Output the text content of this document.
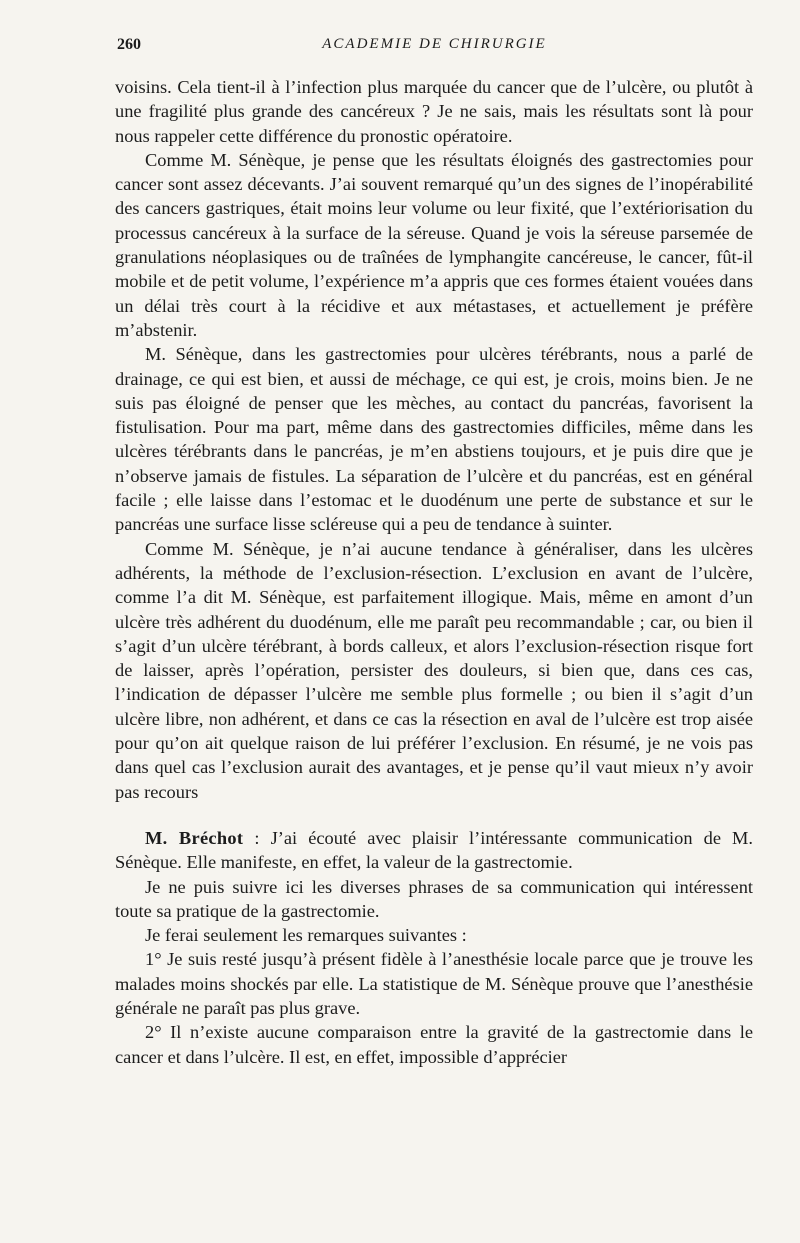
260	ACADEMIE DE CHIRURGIE

voisins. Cela tient-il à l’infection plus marquée du cancer que de l’ulcère, ou plutôt à une fragilité plus grande des cancéreux ? Je ne sais, mais les résultats sont là pour nous rappeler cette différence du pronostic opératoire.

Comme M. Sénèque, je pense que les résultats éloignés des gastrectomies pour cancer sont assez décevants. J’ai souvent remarqué qu’un des signes de l’inopérabilité des cancers gastriques, était moins leur volume ou leur fixité, que l’extériorisation du processus cancéreux à la surface de la séreuse. Quand je vois la séreuse parsemée de granulations néoplasiques ou de traînées de lymphangite cancéreuse, le cancer, fût-il mobile et de petit volume, l’expérience m’a appris que ces formes étaient vouées dans un délai très court à la récidive et aux métastases, et actuellement je préfère m’abstenir.

M. Sénèque, dans les gastrectomies pour ulcères térébrants, nous a parlé de drainage, ce qui est bien, et aussi de méchage, ce qui est, je crois, moins bien. Je ne suis pas éloigné de penser que les mèches, au contact du pancréas, favorisent la fistulisation. Pour ma part, même dans des gastrectomies difficiles, même dans les ulcères térébrants dans le pancréas, je m’en abstiens toujours, et je puis dire que je n’observe jamais de fistules. La séparation de l’ulcère et du pancréas, est en général facile ; elle laisse dans l’estomac et le duodénum une perte de substance et sur le pancréas une surface lisse scléreuse qui a peu de tendance à suinter.

Comme M. Sénèque, je n’ai aucune tendance à généraliser, dans les ulcères adhérents, la méthode de l’exclusion-résection. L’exclusion en avant de l’ulcère, comme l’a dit M. Sénèque, est parfaitement illogique. Mais, même en amont d’un ulcère très adhérent du duodénum, elle me paraît peu recommandable ; car, ou bien il s’agit d’un ulcère térébrant, à bords calleux, et alors l’exclusion-résection risque fort de laisser, après l’opération, persister des douleurs, si bien que, dans ces cas, l’indication de dépasser l’ulcère me semble plus formelle ; ou bien il s’agit d’un ulcère libre, non adhérent, et dans ce cas la résection en aval de l’ulcère est trop aisée pour qu’on ait quelque raison de lui préférer l’exclusion. En résumé, je ne vois pas dans quel cas l’exclusion aurait des avantages, et je pense qu’il vaut mieux n’y avoir pas recours

M. Bréchot : J’ai écouté avec plaisir l’intéressante communication de M. Sénèque. Elle manifeste, en effet, la valeur de la gastrectomie.

Je ne puis suivre ici les diverses phrases de sa communication qui intéressent toute sa pratique de la gastrectomie.

Je ferai seulement les remarques suivantes :

1° Je suis resté jusqu’à présent fidèle à l’anesthésie locale parce que je trouve les malades moins shockés par elle. La statistique de M. Sénèque prouve que l’anesthésie générale ne paraît pas plus grave.

2° Il n’existe aucune comparaison entre la gravité de la gastrectomie dans le cancer et dans l’ulcère. Il est, en effet, impossible d’apprécier
